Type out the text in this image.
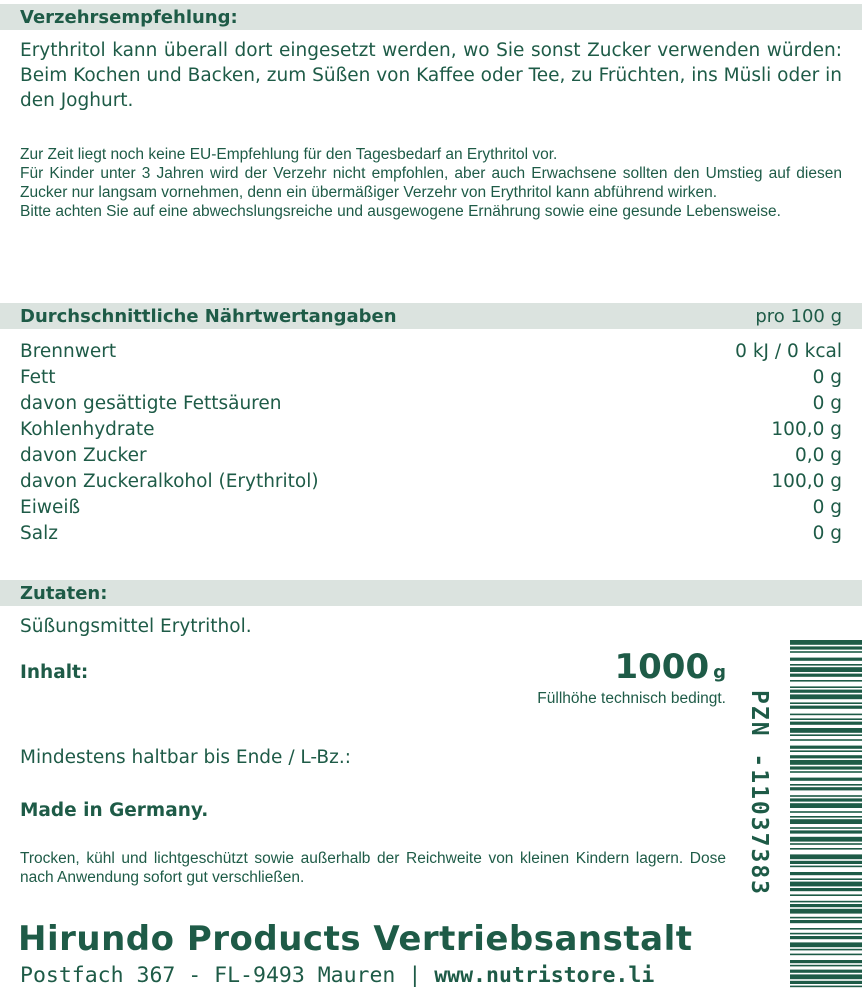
Verzehrsempfehlung:
Erythritol kann überall dort eingesetzt werden, wo Sie sonst Zucker verwenden würden: Beim Kochen und Backen, zum Süßen von Kaffee oder Tee, zu Früchten, ins Müsli oder in den Joghurt.

Zur Zeit liegt noch keine EU-Empfehlung für den Tagesbedarf an Erythritol vor.

Für Kinder unter 3 Jahren wird der Verzehr nicht empfohlen, aber auch Erwachsene sollten den Umstieg auf diesen Zucker nur langsam vornehmen, denn ein übermäßiger Verzehr von Erythritol kann abführend wirken.

Bitte achten Sie auf eine abwechslungsreiche und ausgewogene Ernährung sowie eine gesunde Lebensweise.

Durchschnittliche Nährtwertangaben	pro 100 g
Brennwert	0 kJ / 0 kcal
Fett	0 g
davon gesättigte Fettsäuren	0 g
Kohlenhydrate	100,0 g
davon Zucker	0,0 g
davon Zuckeralkohol (Erythritol)	100,0 g
Eiweiß	0 g
Salz	0 g
Zutaten:
Süßungsmittel Erytrithol.
Inhalt:	1000 g
Füllhöhe technisch bedingt.
Mindestens haltbar bis Ende / L-Bz.:
Made in Germany.
Trocken, kühl und lichtgeschützt sowie außerhalb der Reichweite von kleinen Kindern lagern. Dose nach Anwendung sofort gut verschließen.
Hirundo Products Vertriebsanstalt
Postfach 367 - FL-9493 Mauren | www.nutristore.li
PZN -11037383
